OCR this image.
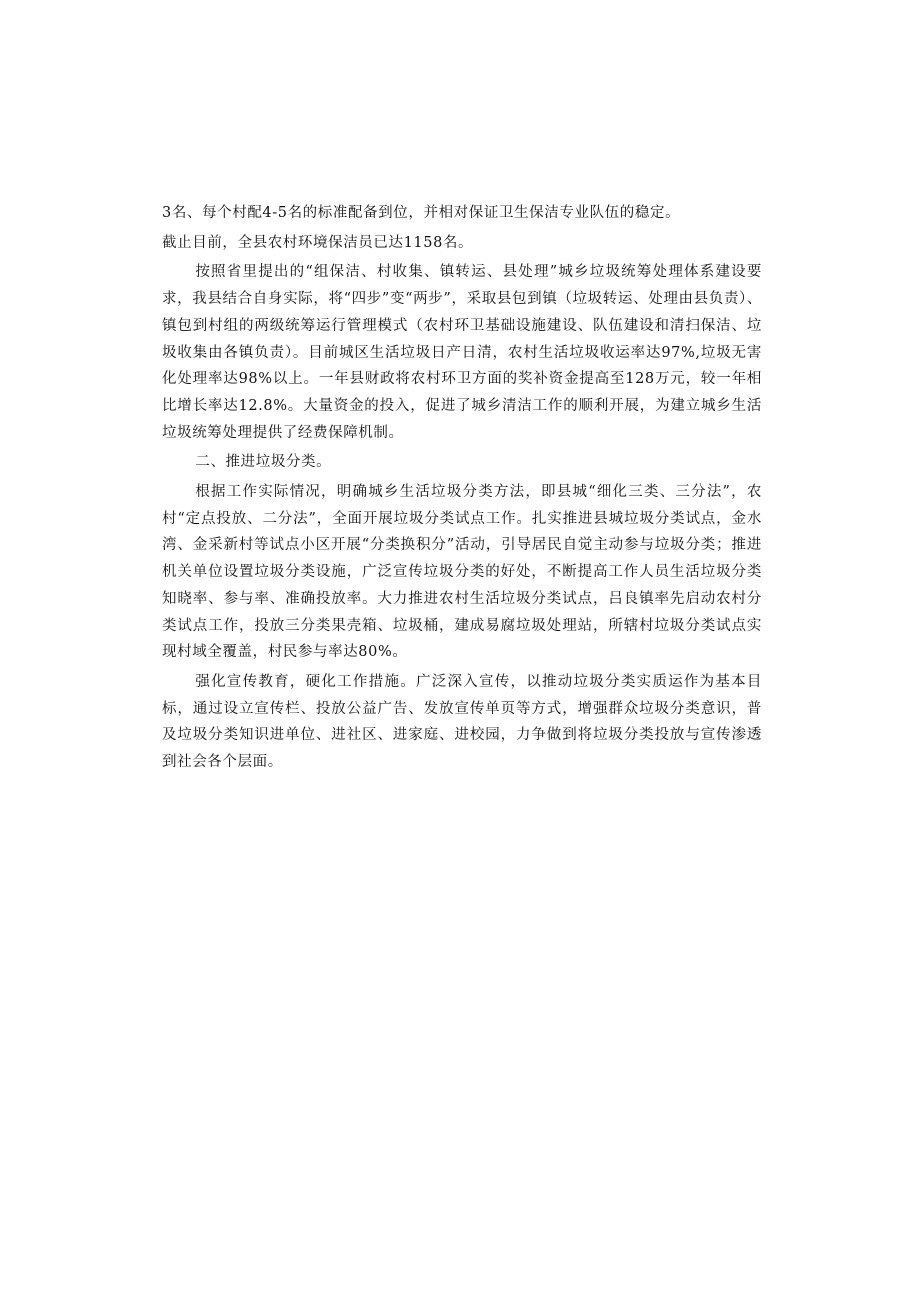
3名、每个村配4-5名的标准配备到位，并相对保证卫生保洁专业队伍的稳定。

截止目前，全县农村环境保洁员已达1158名。

按照省里提出的“组保洁、村收集、镇转运、县处理”城乡垃圾统筹处理体系建设要求，我县结合自身实际，将“四步”变“两步”，采取县包到镇（垃圾转运、处理由县负责）、镇包到村组的两级统筹运行管理模式（农村环卫基础设施建设、队伍建设和清扫保洁、垃圾收集由各镇负责）。目前城区生活垃圾日产日清，农村生活垃圾收运率达97%,垃圾无害化处理率达98%以上。一年县财政将农村环卫方面的奖补资金提高至128万元，较一年相比增长率达12.8%。大量资金的投入，促进了城乡清洁工作的顺利开展，为建立城乡生活垃圾统筹处理提供了经费保障机制。

二、推进垃圾分类。

根据工作实际情况，明确城乡生活垃圾分类方法，即县城“细化三类、三分法”，农村“定点投放、二分法”，全面开展垃圾分类试点工作。扎实推进县城垃圾分类试点，金水湾、金采新村等试点小区开展“分类换积分”活动，引导居民自觉主动参与垃圾分类；推进机关单位设置垃圾分类设施，广泛宣传垃圾分类的好处，不断提高工作人员生活垃圾分类知晓率、参与率、准确投放率。大力推进农村生活垃圾分类试点，吕良镇率先启动农村分类试点工作，投放三分类果壳箱、垃圾桶，建成易腐垃圾处理站，所辖村垃圾分类试点实现村域全覆盖，村民参与率达80%。

强化宣传教育，硬化工作措施。广泛深入宣传，以推动垃圾分类实质运作为基本目标，通过设立宣传栏、投放公益广告、发放宣传单页等方式，增强群众垃圾分类意识，普及垃圾分类知识进单位、进社区、进家庭、进校园，力争做到将垃圾分类投放与宣传渗透到社会各个层面。
